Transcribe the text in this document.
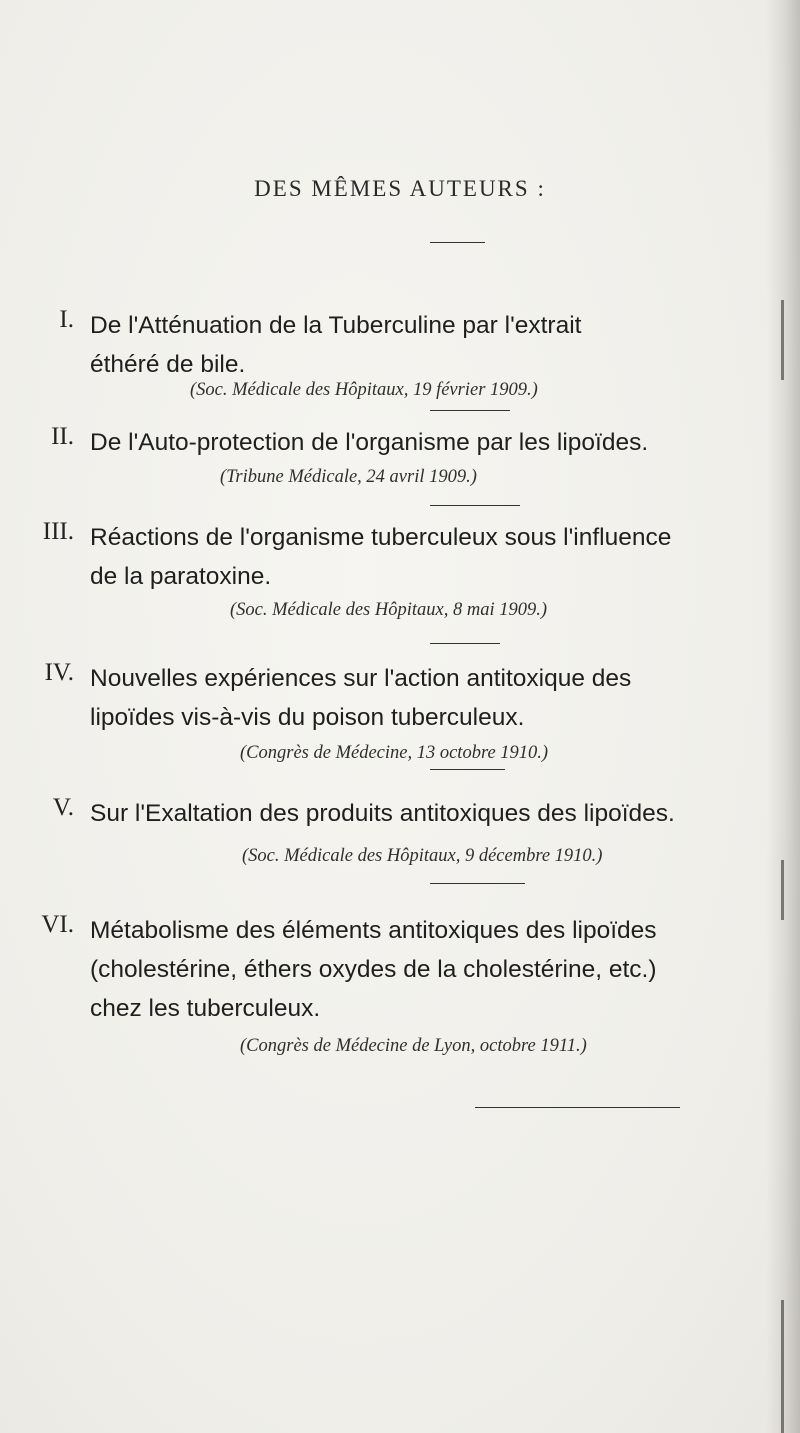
DES MÊMES AUTEURS :
I. De l'Atténuation de la Tuberculine par l'extrait
éthéré de bile.
(Soc. Médicale des Hôpitaux, 19 février 1909.)
II. De l'Auto-protection de l'organisme par les lipoïdes.
(Tribune Médicale, 24 avril 1909.)
III. Réactions de l'organisme tuberculeux sous l'influence
de la paratoxine.
(Soc. Médicale des Hôpitaux, 8 mai 1909.)
IV. Nouvelles expériences sur l'action antitoxique des
lipoïdes vis-à-vis du poison tuberculeux.
(Congrès de Médecine, 13 octobre 1910.)
V. Sur l'Exaltation des produits antitoxiques des lipoïdes.
(Soc. Médicale des Hôpitaux, 9 décembre 1910.)
VI. Métabolisme des éléments antitoxiques des lipoïdes
(cholestérine, éthers oxydes de la cholestérine, etc.)
chez les tuberculeux.
(Congrès de Médecine de Lyon, octobre 1911.)
